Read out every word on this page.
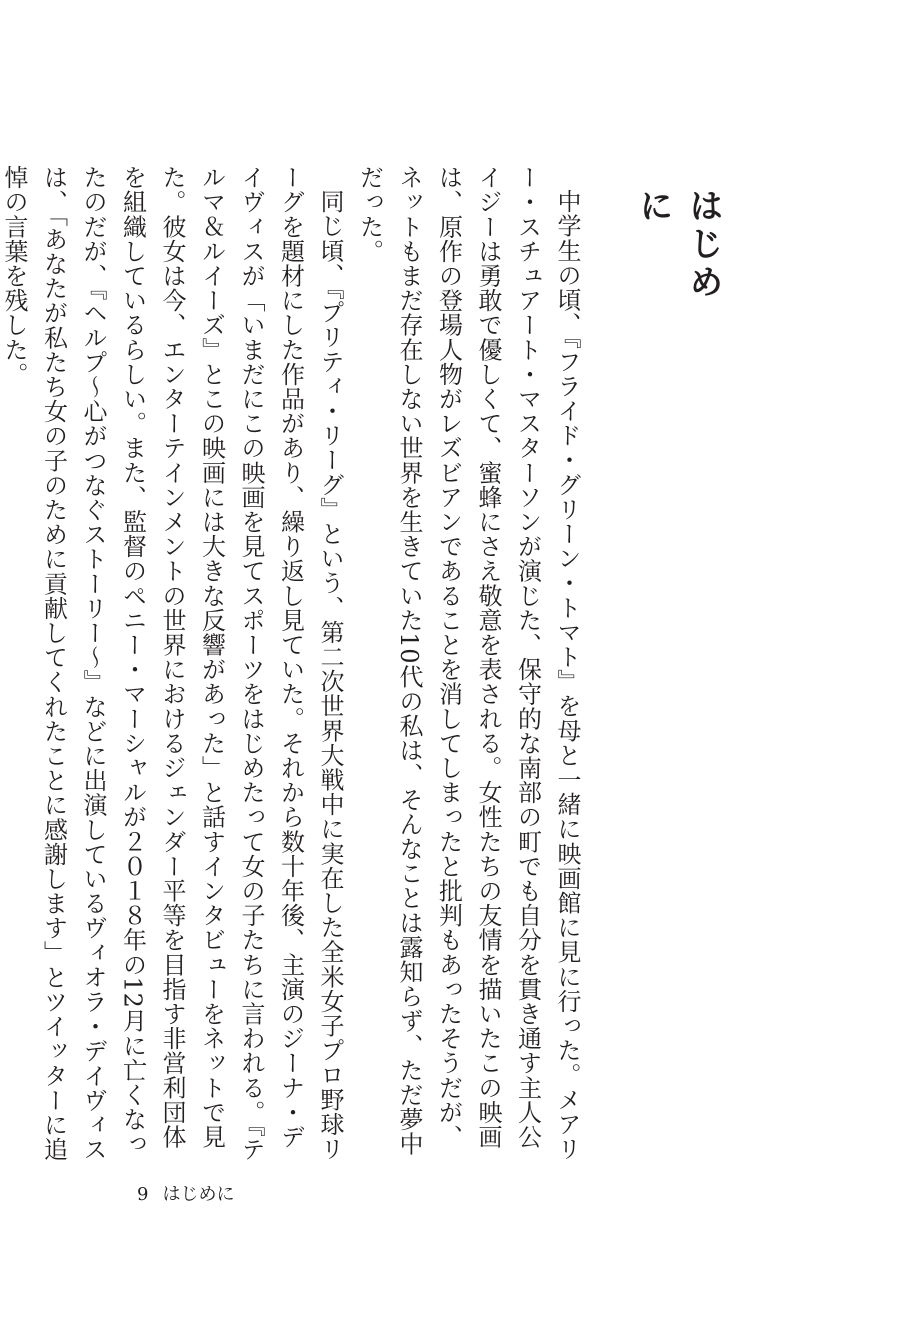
はじめに

中学生の頃、『フライド・グリーン・トマト』を母と一緒に映画館に見に行った。メアリー・スチュアート・マスターソンが演じた、保守的な南部の町でも自分を貫き通す主人公イジーは勇敢で優しくて、蜜蜂にさえ敬意を表される。女性たちの友情を描いたこの映画は、原作の登場人物がレズビアンであることを消してしまったと批判もあったそうだが、ネットもまだ存在しない世界を生きていた10代の私は、そんなことは露知らず、ただ夢中だった。

同じ頃、『プリティ・リーグ』という、第二次世界大戦中に実在した全米女子プロ野球リーグを題材にした作品があり、繰り返し見ていた。それから数十年後、主演のジーナ・デイヴィスが「いまだにこの映画を見てスポーツをはじめたって女の子たちに言われる。『テルマ＆ルイーズ』とこの映画には大きな反響があった」と話すインタビューをネットで見た。彼女は今、エンターテインメントの世界におけるジェンダー平等を目指す非営利団体を組織しているらしい。また、監督のペニー・マーシャルが２０１８年の12月に亡くなったのだが、『ヘルプ〜心がつなぐストーリー〜』などに出演しているヴィオラ・デイヴィスは、「あなたが私たち女の子のために貢献してくれたことに感謝します」とツイッターに追悼の言葉を残した。

9 はじめに
